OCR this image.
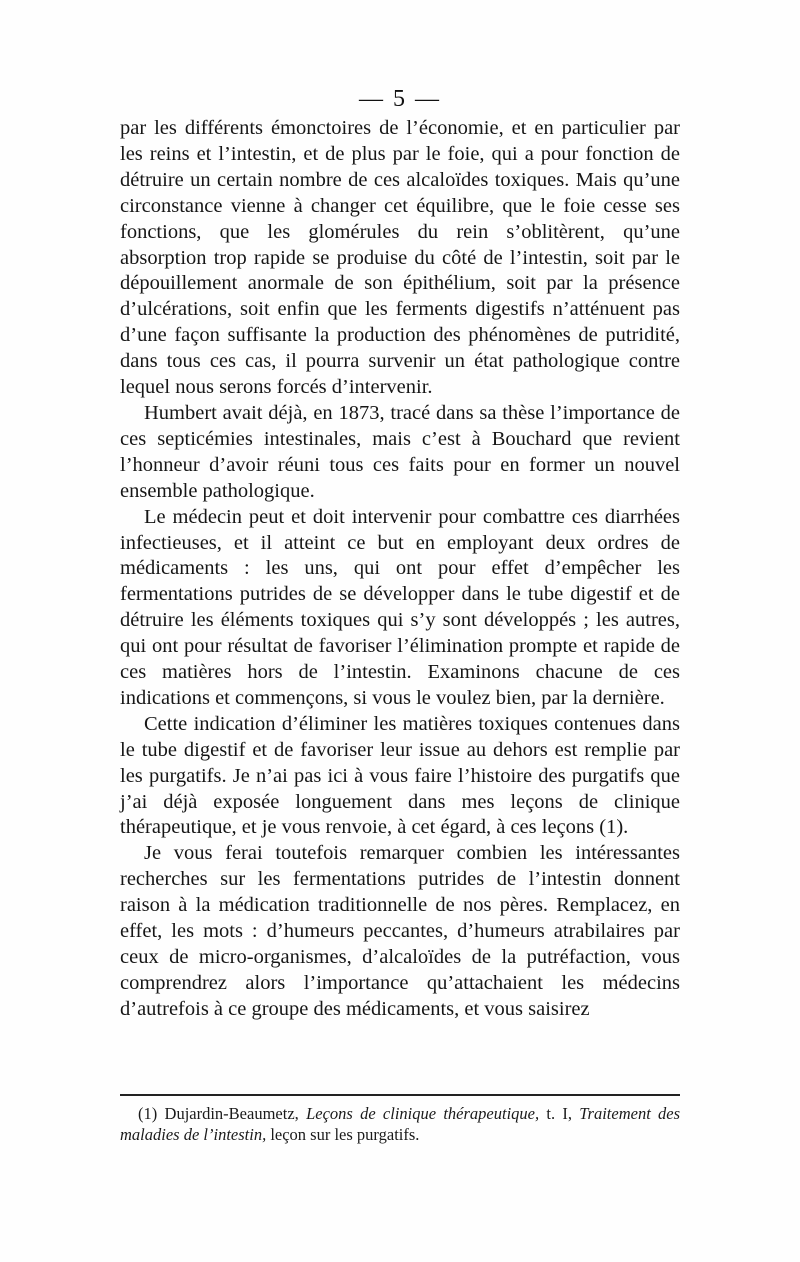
— 5 —

par les différents émonctoires de l’économie, et en particulier par les reins et l’intestin, et de plus par le foie, qui a pour fonction de détruire un certain nombre de ces alcaloïdes toxiques. Mais qu’une circonstance vienne à changer cet équilibre, que le foie cesse ses fonctions, que les glomérules du rein s’oblitèrent, qu’une absorption trop rapide se produise du côté de l’intestin, soit par le dépouillement anormale de son épithélium, soit par la présence d’ulcérations, soit enfin que les ferments digestifs n’atténuent pas d’une façon suffisante la production des phénomènes de putridité, dans tous ces cas, il pourra survenir un état pathologique contre lequel nous serons forcés d’intervenir.

Humbert avait déjà, en 1873, tracé dans sa thèse l’importance de ces septicémies intestinales, mais c’est à Bouchard que revient l’honneur d’avoir réuni tous ces faits pour en former un nouvel ensemble pathologique.

Le médecin peut et doit intervenir pour combattre ces diarrhées infectieuses, et il atteint ce but en employant deux ordres de médicaments : les uns, qui ont pour effet d’empêcher les fermentations putrides de se développer dans le tube digestif et de détruire les éléments toxiques qui s’y sont développés ; les autres, qui ont pour résultat de favoriser l’élimination prompte et rapide de ces matières hors de l’intestin. Examinons chacune de ces indications et commençons, si vous le voulez bien, par la dernière.

Cette indication d’éliminer les matières toxiques contenues dans le tube digestif et de favoriser leur issue au dehors est remplie par les purgatifs. Je n’ai pas ici à vous faire l’histoire des purgatifs que j’ai déjà exposée longuement dans mes leçons de clinique thérapeutique, et je vous renvoie, à cet égard, à ces leçons (1).

Je vous ferai toutefois remarquer combien les intéressantes recherches sur les fermentations putrides de l’intestin donnent raison à la médication traditionnelle de nos pères. Remplacez, en effet, les mots : d’humeurs peccantes, d’humeurs atrabilaires par ceux de micro-organismes, d’alcaloïdes de la putréfaction, vous comprendrez alors l’importance qu’attachaient les médecins d’autrefois à ce groupe des médicaments, et vous saisirez

(1) Dujardin-Beaumetz, Leçons de clinique thérapeutique, t. I, Traitement des maladies de l’intestin, leçon sur les purgatifs.
